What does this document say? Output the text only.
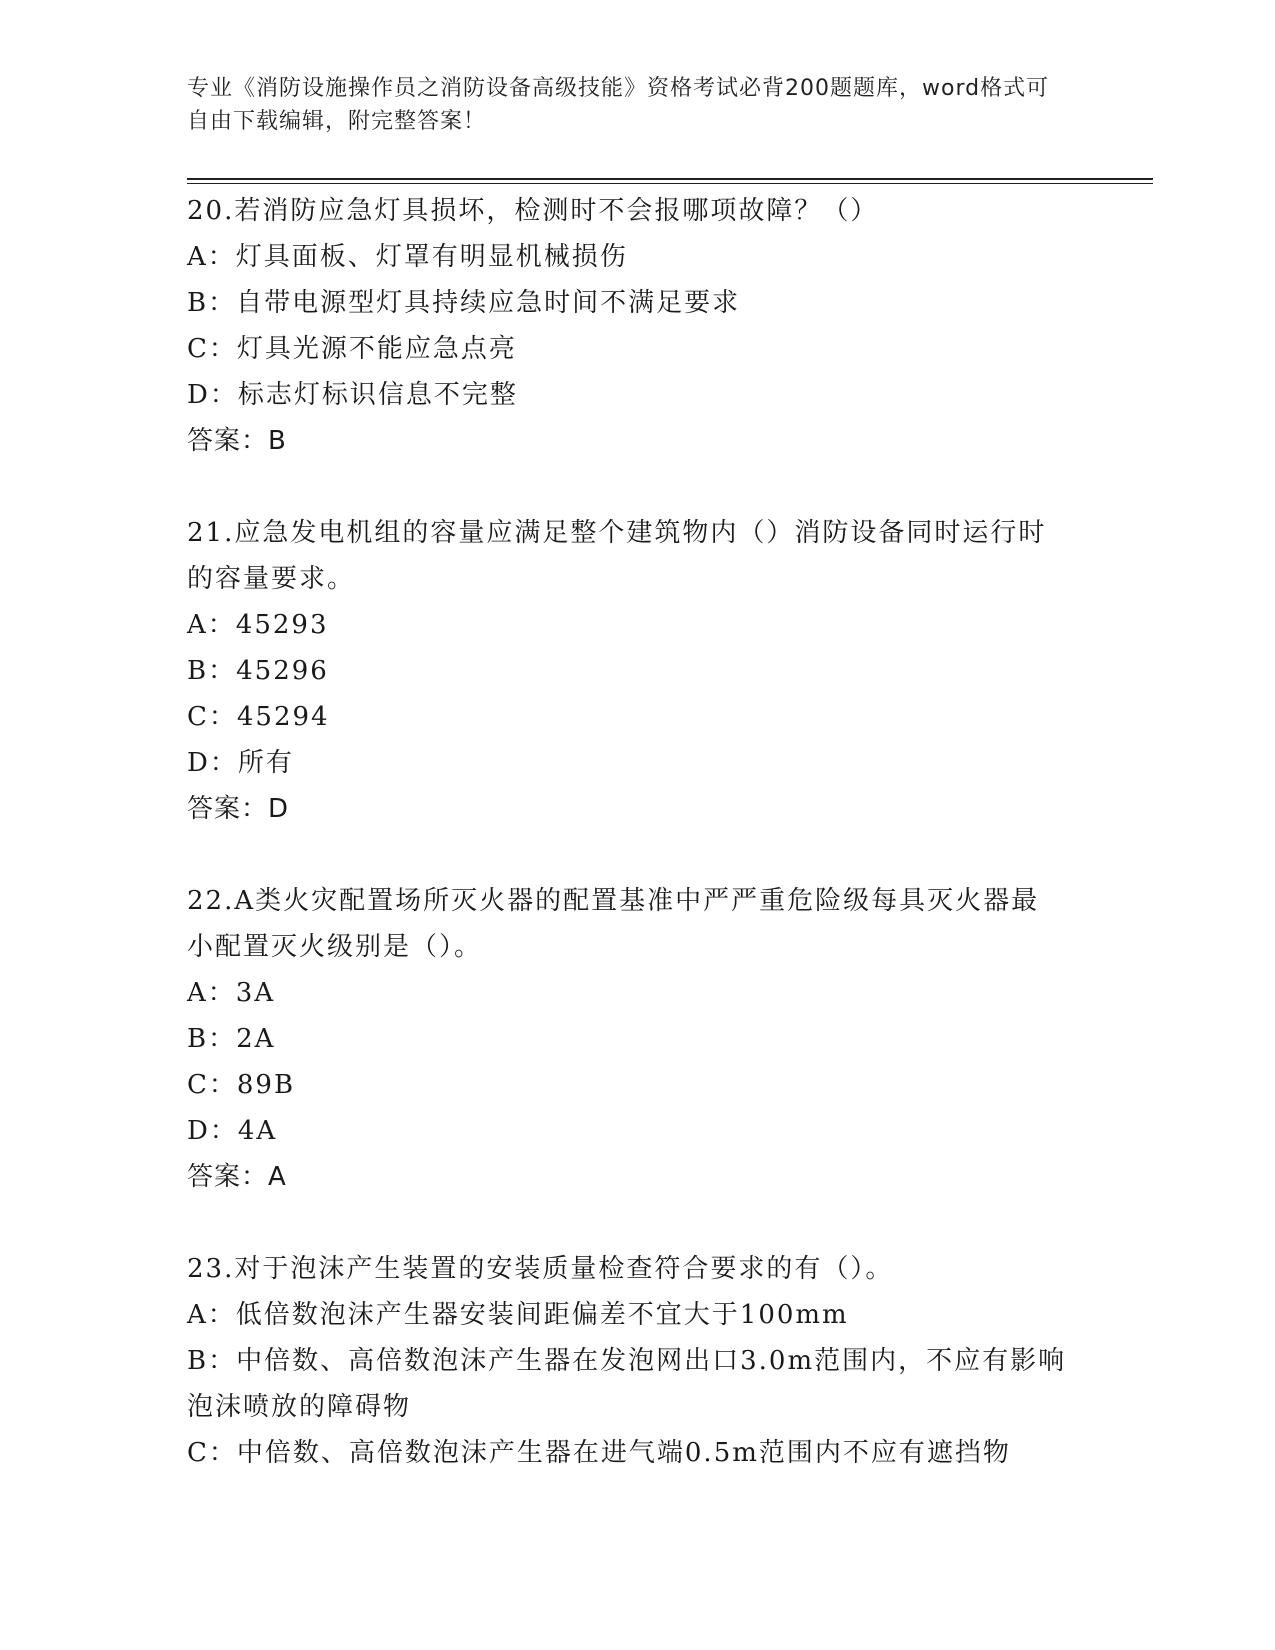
专业《消防设施操作员之消防设备高级技能》资格考试必背200题题库，word格式可自由下载编辑，附完整答案！
20.若消防应急灯具损坏，检测时不会报哪项故障？（）
A：灯具面板、灯罩有明显机械损伤
B：自带电源型灯具持续应急时间不满足要求
C：灯具光源不能应急点亮
D：标志灯标识信息不完整
答案：B
21.应急发电机组的容量应满足整个建筑物内（）消防设备同时运行时的容量要求。
A：45293
B：45296
C：45294
D：所有
答案：D
22.A类火灾配置场所灭火器的配置基准中严严重危险级每具灭火器最小配置灭火级别是（）。
A：3A
B：2A
C：89B
D：4A
答案：A
23.对于泡沫产生装置的安装质量检查符合要求的有（）。
A：低倍数泡沫产生器安装间距偏差不宜大于100mm
B：中倍数、高倍数泡沫产生器在发泡网出口3.0m范围内，不应有影响泡沫喷放的障碍物
C：中倍数、高倍数泡沫产生器在进气端0.5m范围内不应有遮挡物
